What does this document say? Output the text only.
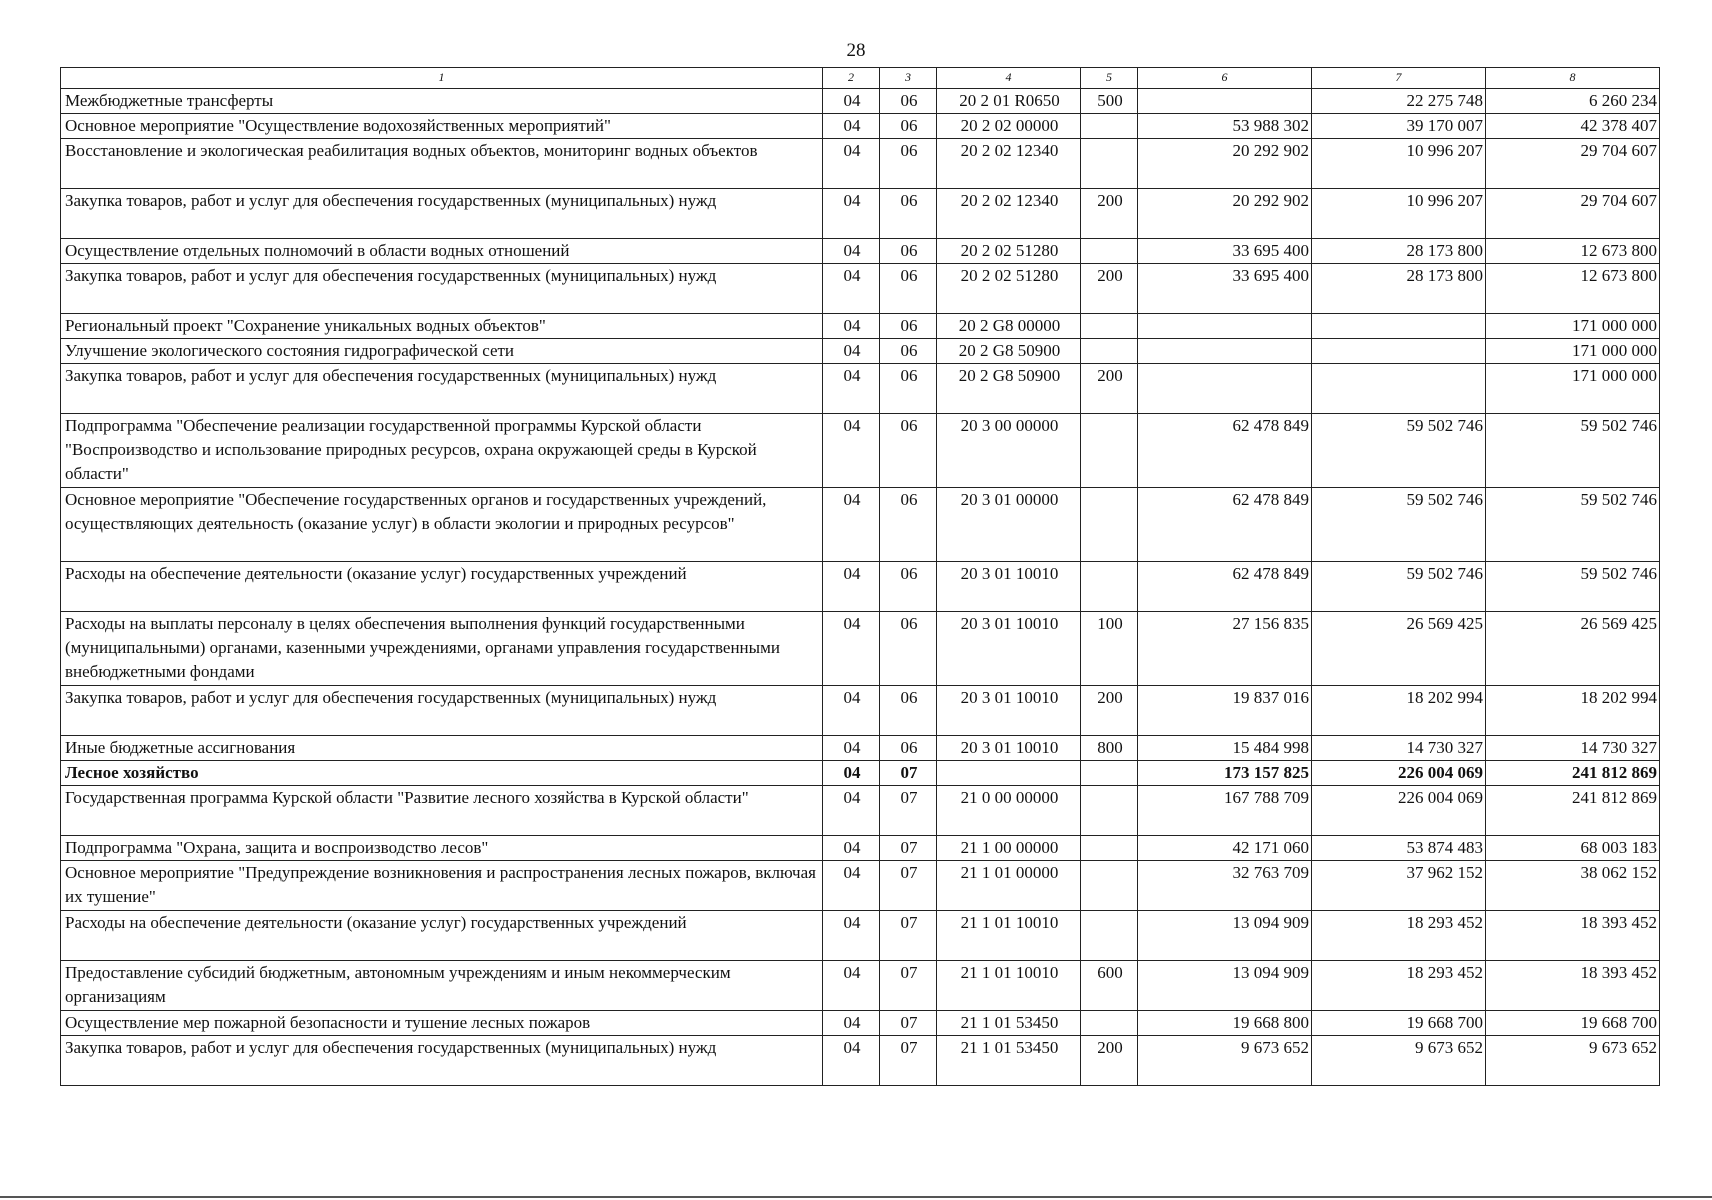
28
1	2	3	4	5	6	7	8
Межбюджетные трансферты	04	06	20 2 01 R0650	500		22 275 748	6 260 234
Основное мероприятие "Осуществление водохозяйственных мероприятий"	04	06	20 2 02 00000		53 988 302	39 170 007	42 378 407
Восстановление и экологическая реабилитация водных объектов, мониторинг водных объектов	04	06	20 2 02 12340		20 292 902	10 996 207	29 704 607
Закупка товаров, работ и услуг для обеспечения государственных (муниципальных) нужд	04	06	20 2 02 12340	200	20 292 902	10 996 207	29 704 607
Осуществление отдельных полномочий в области водных отношений	04	06	20 2 02 51280		33 695 400	28 173 800	12 673 800
Закупка товаров, работ и услуг для обеспечения государственных (муниципальных) нужд	04	06	20 2 02 51280	200	33 695 400	28 173 800	12 673 800
Региональный проект "Сохранение уникальных водных объектов"	04	06	20 2 G8 00000				171 000 000
Улучшение экологического состояния гидрографической сети	04	06	20 2 G8 50900				171 000 000
Закупка товаров, работ и услуг для обеспечения государственных (муниципальных) нужд	04	06	20 2 G8 50900	200			171 000 000
Подпрограмма "Обеспечение реализации государственной программы Курской области "Воспроизводство и использование природных ресурсов, охрана окружающей среды в Курской области"	04	06	20 3 00 00000		62 478 849	59 502 746	59 502 746
Основное мероприятие "Обеспечение государственных органов и государственных учреждений, осуществляющих деятельность (оказание услуг) в области экологии и природных ресурсов"	04	06	20 3 01 00000		62 478 849	59 502 746	59 502 746
Расходы на обеспечение деятельности (оказание услуг) государственных учреждений	04	06	20 3 01 10010		62 478 849	59 502 746	59 502 746
Расходы на выплаты персоналу в целях обеспечения выполнения функций государственными (муниципальными) органами, казенными учреждениями, органами управления государственными внебюджетными фондами	04	06	20 3 01 10010	100	27 156 835	26 569 425	26 569 425
Закупка товаров, работ и услуг для обеспечения государственных (муниципальных) нужд	04	06	20 3 01 10010	200	19 837 016	18 202 994	18 202 994
Иные бюджетные ассигнования	04	06	20 3 01 10010	800	15 484 998	14 730 327	14 730 327
Лесное хозяйство	04	07			173 157 825	226 004 069	241 812 869
Государственная программа Курской области "Развитие лесного хозяйства в Курской области"	04	07	21 0 00 00000		167 788 709	226 004 069	241 812 869
Подпрограмма "Охрана, защита и воспроизводство лесов"	04	07	21 1 00 00000		42 171 060	53 874 483	68 003 183
Основное мероприятие "Предупреждение возникновения и распространения лесных пожаров, включая их тушение"	04	07	21 1 01 00000		32 763 709	37 962 152	38 062 152
Расходы на обеспечение деятельности (оказание услуг) государственных учреждений	04	07	21 1 01 10010		13 094 909	18 293 452	18 393 452
Предоставление субсидий бюджетным, автономным учреждениям и иным некоммерческим организациям	04	07	21 1 01 10010	600	13 094 909	18 293 452	18 393 452
Осуществление мер пожарной безопасности и тушение лесных пожаров	04	07	21 1 01 53450		19 668 800	19 668 700	19 668 700
Закупка товаров, работ и услуг для обеспечения государственных (муниципальных) нужд	04	07	21 1 01 53450	200	9 673 652	9 673 652	9 673 652
